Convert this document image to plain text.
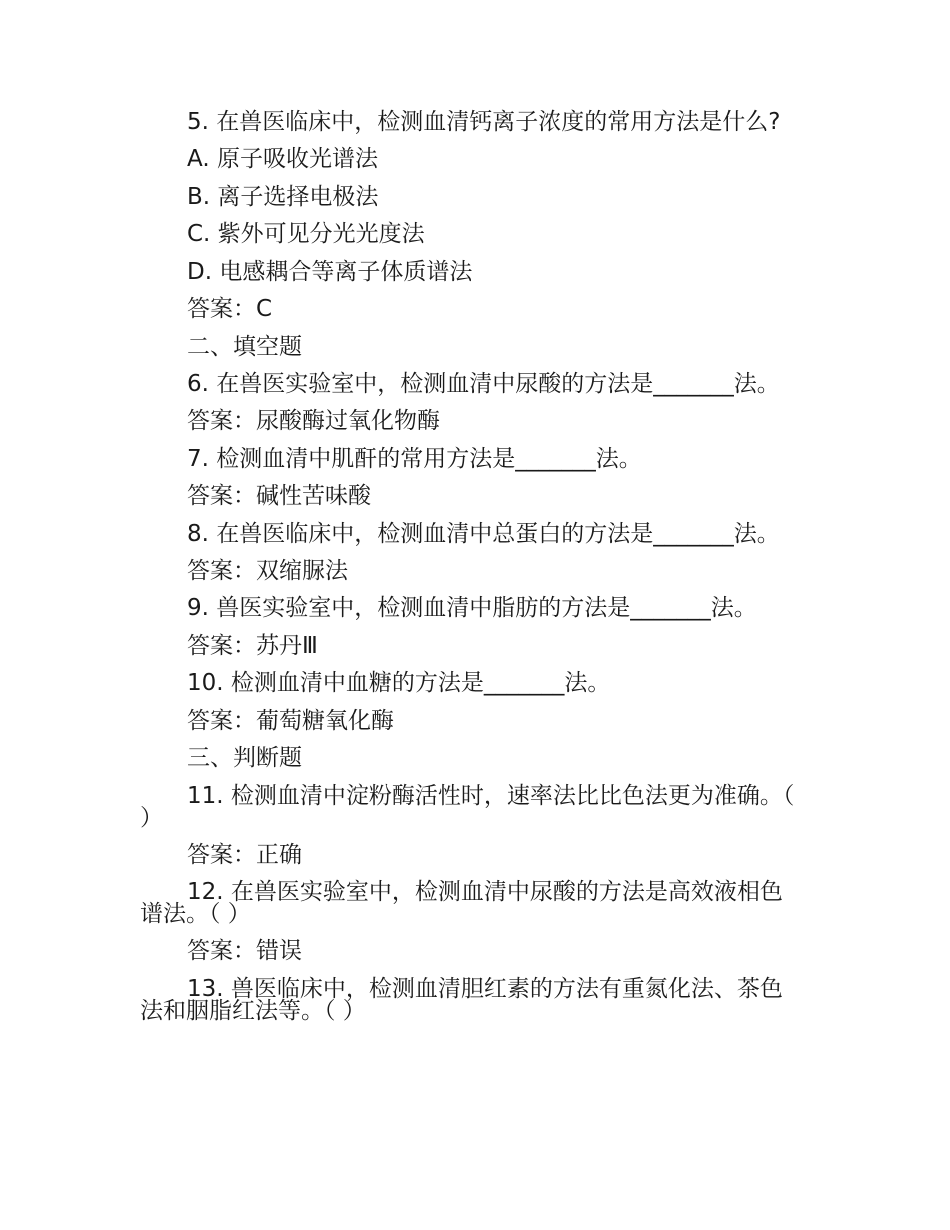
5. 在兽医临床中，检测血清钙离子浓度的常用方法是什么?

A. 原子吸收光谱法

B. 离子选择电极法

C. 紫外可见分光光度法

D. 电感耦合等离子体质谱法

答案：C

二、填空题

6. 在兽医实验室中，检测血清中尿酸的方法是_______法。

答案：尿酸酶过氧化物酶

7. 检测血清中肌酐的常用方法是_______法。

答案：碱性苦味酸

8. 在兽医临床中，检测血清中总蛋白的方法是_______法。

答案：双缩脲法

9. 兽医实验室中，检测血清中脂肪的方法是_______法。

答案：苏丹Ⅲ

10. 检测血清中血糖的方法是_______法。

答案：葡萄糖氧化酶

三、判断题

11. 检测血清中淀粉酶活性时，速率法比比色法更为准确。（ ）

答案：正确

12. 在兽医实验室中，检测血清中尿酸的方法是高效液相色谱法。（ ）

答案：错误

13. 兽医临床中，检测血清胆红素的方法有重氮化法、茶色法和胭脂红法等。（ ）
